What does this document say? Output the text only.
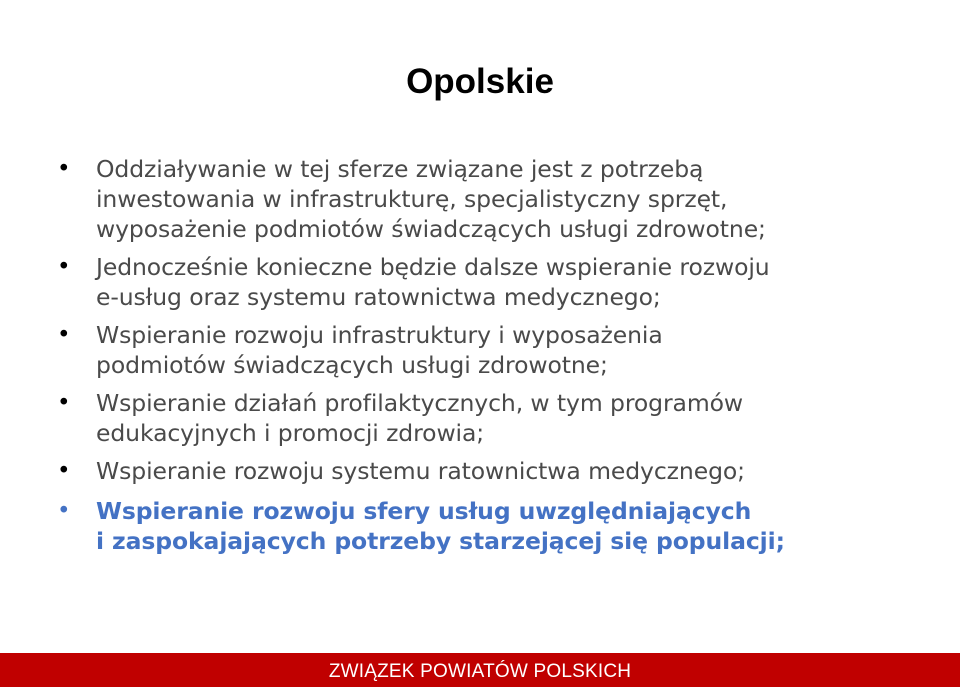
Opolskie
• Oddziaływanie w tej sferze związane jest z potrzebą
inwestowania w infrastrukturę, specjalistyczny sprzęt,
wyposażenie podmiotów świadczących usługi zdrowotne;
• Jednocześnie konieczne będzie dalsze wspieranie rozwoju
e-usług oraz systemu ratownictwa medycznego;
• Wspieranie rozwoju infrastruktury i wyposażenia
podmiotów świadczących usługi zdrowotne;
• Wspieranie działań profilaktycznych, w tym programów
edukacyjnych i promocji zdrowia;
• Wspieranie rozwoju systemu ratownictwa medycznego;
• Wspieranie rozwoju sfery usług uwzględniających
i zaspokajających potrzeby starzejącej się populacji;
ZWIĄZEK POWIATÓW POLSKICH
